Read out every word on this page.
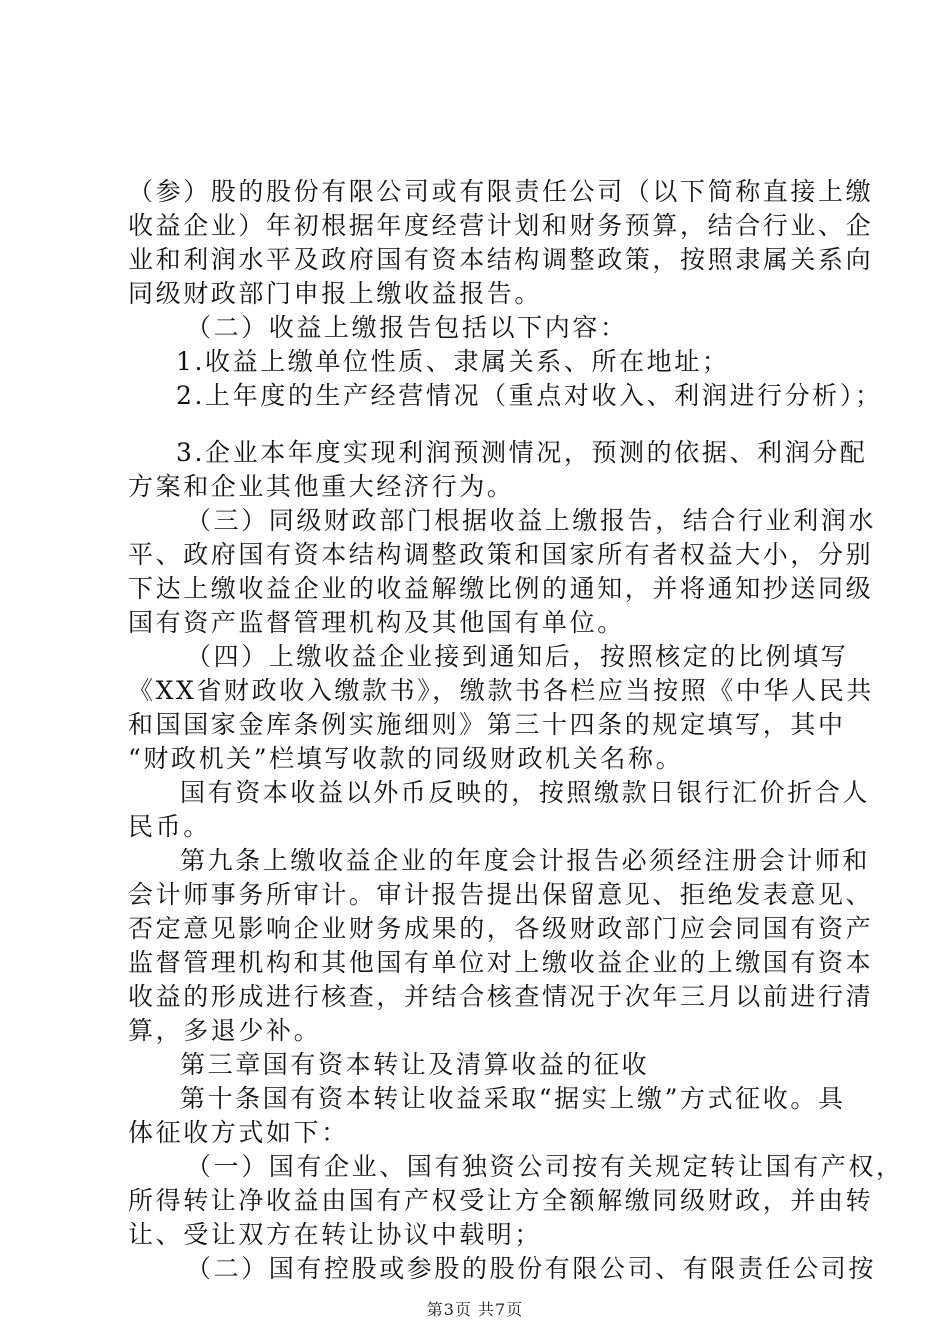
（参）股的股份有限公司或有限责任公司（以下简称直接上缴
收益企业）年初根据年度经营计划和财务预算，结合行业、企
业和利润水平及政府国有资本结构调整政策，按照隶属关系向
同级财政部门申报上缴收益报告。
（二）收益上缴报告包括以下内容：
1.收益上缴单位性质、隶属关系、所在地址；
2.上年度的生产经营情况（重点对收入、利润进行分析）；
3.企业本年度实现利润预测情况，预测的依据、利润分配
方案和企业其他重大经济行为。
（三）同级财政部门根据收益上缴报告，结合行业利润水
平、政府国有资本结构调整政策和国家所有者权益大小，分别
下达上缴收益企业的收益解缴比例的通知，并将通知抄送同级
国有资产监督管理机构及其他国有单位。
（四）上缴收益企业接到通知后，按照核定的比例填写
《XX省财政收入缴款书》，缴款书各栏应当按照《中华人民共
和国国家金库条例实施细则》第三十四条的规定填写，其中
“财政机关”栏填写收款的同级财政机关名称。
国有资本收益以外币反映的，按照缴款日银行汇价折合人
民币。
第九条上缴收益企业的年度会计报告必须经注册会计师和
会计师事务所审计。审计报告提出保留意见、拒绝发表意见、
否定意见影响企业财务成果的，各级财政部门应会同国有资产
监督管理机构和其他国有单位对上缴收益企业的上缴国有资本
收益的形成进行核查，并结合核查情况于次年三月以前进行清
算，多退少补。
第三章国有资本转让及清算收益的征收
第十条国有资本转让收益采取“据实上缴”方式征收。具
体征收方式如下：
（一）国有企业、国有独资公司按有关规定转让国有产权，
所得转让净收益由国有产权受让方全额解缴同级财政，并由转
让、受让双方在转让协议中载明；
（二）国有控股或参股的股份有限公司、有限责任公司按
第3页 共7页
